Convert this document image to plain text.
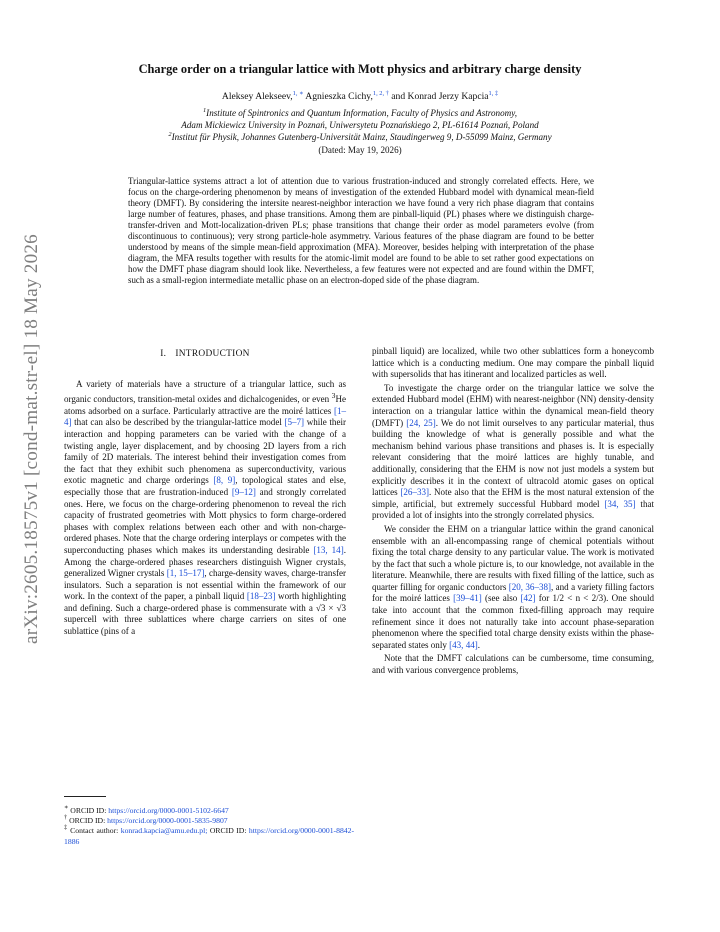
arXiv:2605.18575v1 [cond-mat.str-el] 18 May 2026
Charge order on a triangular lattice with Mott physics and arbitrary charge density
Aleksey Alekseev,$^{1, ∗}$ Agnieszka Cichy,$^{1, 2, \dagger}$ and Konrad Jerzy Kapcia$^{1, \ddagger}$
$^1$Institute of Spintronics and Quantum Information, Faculty of Physics and Astronomy,
Adam Mickiewicz University in Poznań, Uniwersytetu Poznańskiego 2, PL-61614 Poznań, Poland
$^2$Institut für Physik, Johannes Gutenberg-Universität Mainz, Staudingerweg 9, D-55099 Mainz, Germany
(Dated: May 19, 2026)

Triangular-lattice systems attract a lot of attention due to various frustration-induced and strongly correlated effects. Here, we focus on the charge-ordering phenomenon by means of investigation of the extended Hubbard model with dynamical mean-field theory (DMFT). By considering the intersite nearest-neighbor interaction we have found a very rich phase diagram that contains large number of features, phases, and phase transitions. Among them are pinball-liquid (PL) phases where we distinguish charge-transfer-driven and Mott-localization-driven PLs; phase transitions that change their order as model parameters evolve (from discontinuous to continuous); very strong particle-hole asymmetry. Various features of the phase diagram are found to be better understood by means of the simple mean-field approximation (MFA). Moreover, besides helping with interpretation of the phase diagram, the MFA results together with results for the atomic-limit model are found to be able to set rather good expectations on how the DMFT phase diagram should look like. Nevertheless, a few features were not expected and are found within the DMFT, such as a small-region intermediate metallic phase on an electron-doped side of the phase diagram.

I. INTRODUCTION

A variety of materials have a structure of a triangular lattice, such as organic conductors, transition-metal oxides and dichalcogenides, or even $^3$He atoms adsorbed on a surface. Particularly attractive are the moiré lattices [1–4] that can also be described by the triangular-lattice model [5–7] while their interaction and hopping parameters can be varied with the change of a twisting angle, layer displacement, and by choosing 2D layers from a rich family of 2D materials. The interest behind their investigation comes from the fact that they exhibit such phenomena as superconductivity, various exotic magnetic and charge orderings [8, 9], topological states and else, especially those that are frustration-induced [9–12] and strongly correlated ones. Here, we focus on the charge-ordering phenomenon to reveal the rich capacity of frustrated geometries with Mott physics to form charge-ordered phases with complex relations between each other and with non-charge-ordered phases. Note that the charge ordering interplays or competes with the superconducting phases which makes its understanding desirable [13, 14]. Among the charge-ordered phases researchers distinguish Wigner crystals, generalized Wigner crystals [1, 15–17], charge-density waves, charge-transfer insulators. Such a separation is not essential within the framework of our work. In the context of the paper, a pinball liquid [18–23] worth highlighting and defining. Such a charge-ordered phase is commensurate with a √3 × √3 supercell with three sublattices where charge carriers on sites of one sublattice (pins of a

pinball liquid) are localized, while two other sublattices form a honeycomb lattice which is a conducting medium. One may compare the pinball liquid with supersolids that has itinerant and localized particles as well.

To investigate the charge order on the triangular lattice we solve the extended Hubbard model (EHM) with nearest-neighbor (NN) density-density interaction on a triangular lattice within the dynamical mean-field theory (DMFT) [24, 25]. We do not limit ourselves to any particular material, thus building the knowledge of what is generally possible and what the mechanism behind various phase transitions and phases is. It is especially relevant considering that the moiré lattices are highly tunable, and additionally, considering that the EHM is now not just models a system but explicitly describes it in the context of ultracold atomic gases on optical lattices [26–33]. Note also that the EHM is the most natural extension of the simple, artificial, but extremely successful Hubbard model [34, 35] that provided a lot of insights into the strongly correlated physics.

We consider the EHM on a triangular lattice within the grand canonical ensemble with an all-encompassing range of chemical potentials without fixing the total charge density to any particular value. The work is motivated by the fact that such a whole picture is, to our knowledge, not available in the literature. Meanwhile, there are results with fixed filling of the lattice, such as quarter filling for organic conductors [20, 36–38], and a variety filling factors for the moiré lattices [39–41] (see also [42] for 1/2 < n < 2/3). One should take into account that the common fixed-filling approach may require refinement since it does not naturally take into account phase-separation phenomenon where the specified total charge density exists within the phase-separated states only [43, 44].

Note that the DMFT calculations can be cumbersome, time consuming, and with various convergence problems,

∗ ORCID ID: https://orcid.org/0000-0001-5102-6647

† ORCID ID: https://orcid.org/0000-0001-5835-9807

‡ Contact author: konrad.kapcia@amu.edu.pl; ORCID ID: https://orcid.org/0000-0001-8842-1886
